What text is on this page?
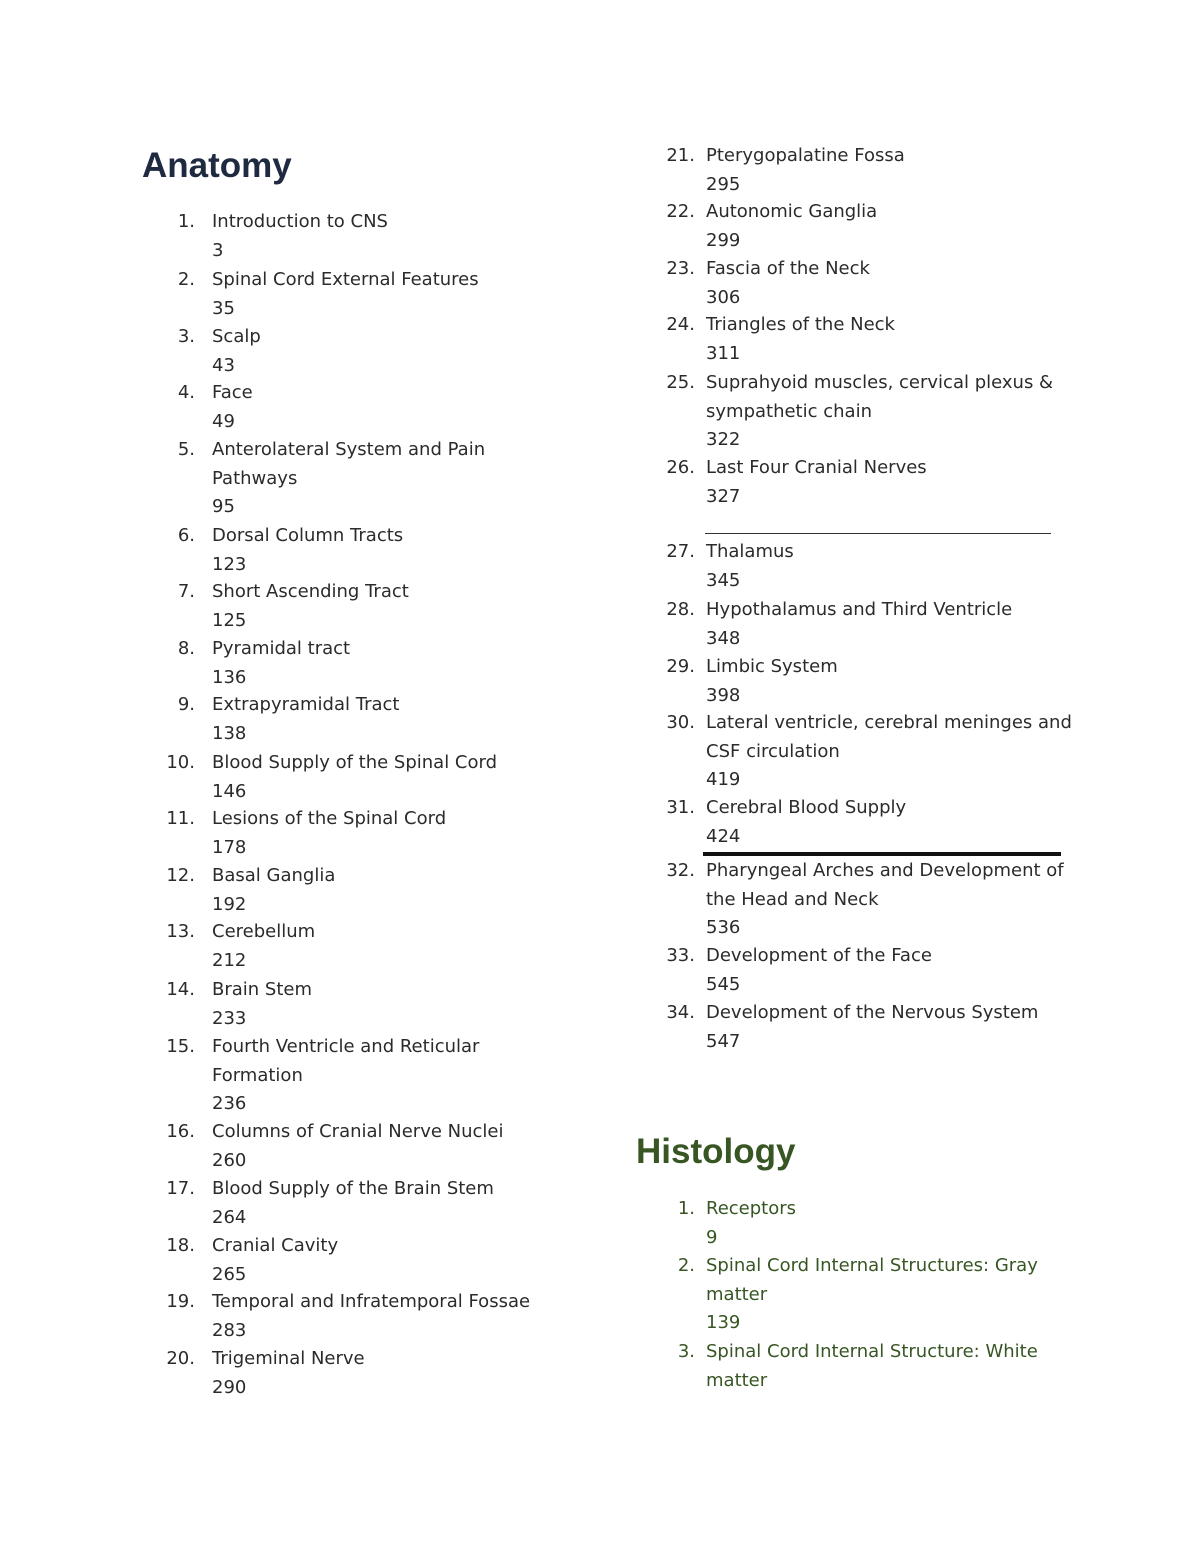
Anatomy
1. Introduction to CNS
3
2. Spinal Cord External Features
35
3. Scalp
43
4. Face
49
5. Anterolateral System and Pain
Pathways
95
6. Dorsal Column Tracts
123
7. Short Ascending Tract
125
8. Pyramidal tract
136
9. Extrapyramidal Tract
138
10. Blood Supply of the Spinal Cord
146
11. Lesions of the Spinal Cord
178
12. Basal Ganglia
192
13. Cerebellum
212
14. Brain Stem
233
15. Fourth Ventricle and Reticular
Formation
236
16. Columns of Cranial Nerve Nuclei
260
17. Blood Supply of the Brain Stem
264
18. Cranial Cavity
265
19. Temporal and Infratemporal Fossae
283
20. Trigeminal Nerve
290
21. Pterygopalatine Fossa
295
22. Autonomic Ganglia
299
23. Fascia of the Neck
306
24. Triangles of the Neck
311
25. Suprahyoid muscles, cervical plexus &
sympathetic chain
322
26. Last Four Cranial Nerves
327
27. Thalamus
345
28. Hypothalamus and Third Ventricle
348
29. Limbic System
398
30. Lateral ventricle, cerebral meninges and
CSF circulation
419
31. Cerebral Blood Supply
424
32. Pharyngeal Arches and Development of
the Head and Neck
536
33. Development of the Face
545
34. Development of the Nervous System
547
Histology
1. Receptors
9
2. Spinal Cord Internal Structures: Gray
matter
139
3. Spinal Cord Internal Structure: White
matter
